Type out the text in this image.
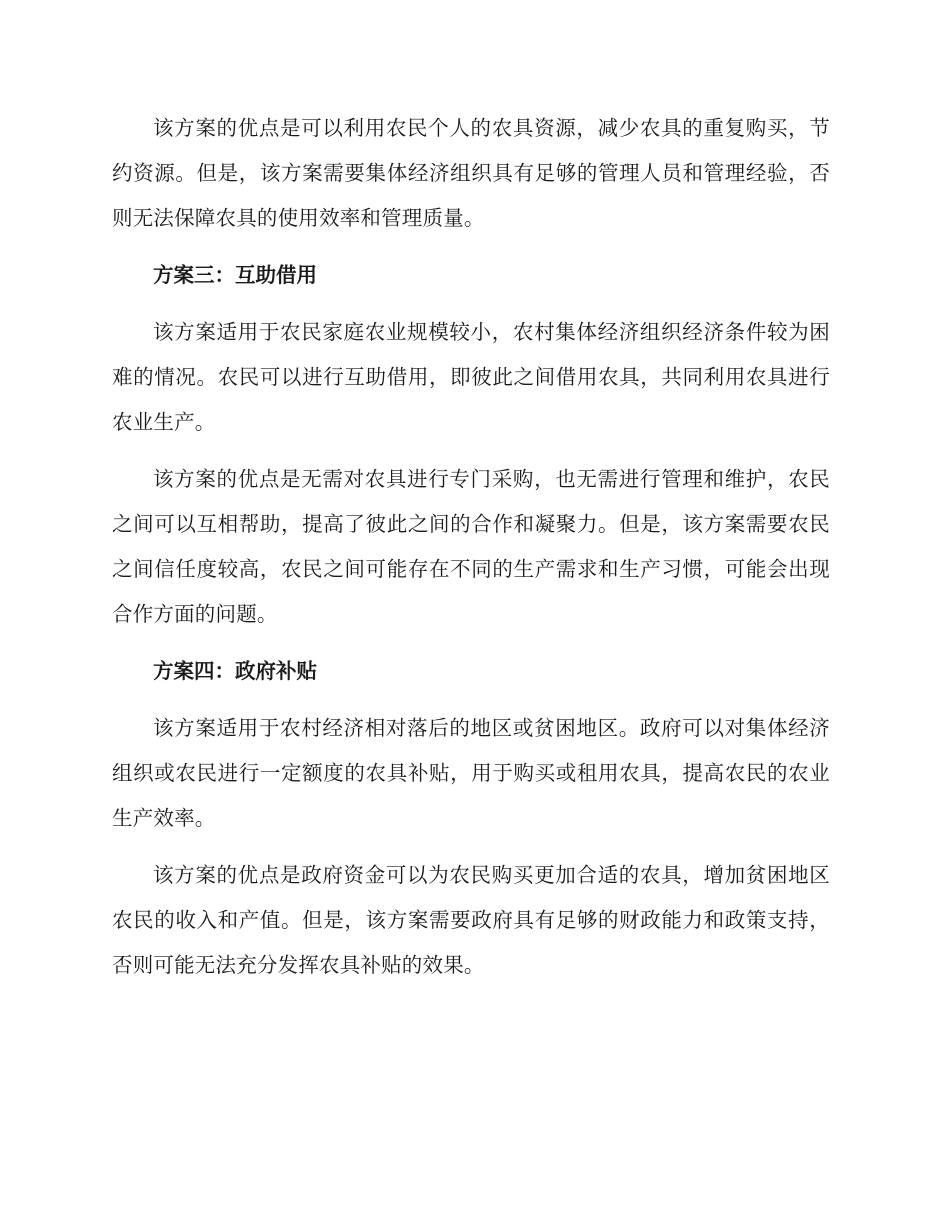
该方案的优点是可以利用农民个人的农具资源，减少农具的重复购买，节约资源。但是，该方案需要集体经济组织具有足够的管理人员和管理经验，否则无法保障农具的使用效率和管理质量。

方案三：互助借用

该方案适用于农民家庭农业规模较小，农村集体经济组织经济条件较为困难的情况。农民可以进行互助借用，即彼此之间借用农具，共同利用农具进行农业生产。

该方案的优点是无需对农具进行专门采购，也无需进行管理和维护，农民之间可以互相帮助，提高了彼此之间的合作和凝聚力。但是，该方案需要农民之间信任度较高，农民之间可能存在不同的生产需求和生产习惯，可能会出现合作方面的问题。

方案四：政府补贴

该方案适用于农村经济相对落后的地区或贫困地区。政府可以对集体经济组织或农民进行一定额度的农具补贴，用于购买或租用农具，提高农民的农业生产效率。

该方案的优点是政府资金可以为农民购买更加合适的农具，增加贫困地区农民的收入和产值。但是，该方案需要政府具有足够的财政能力和政策支持，否则可能无法充分发挥农具补贴的效果。
